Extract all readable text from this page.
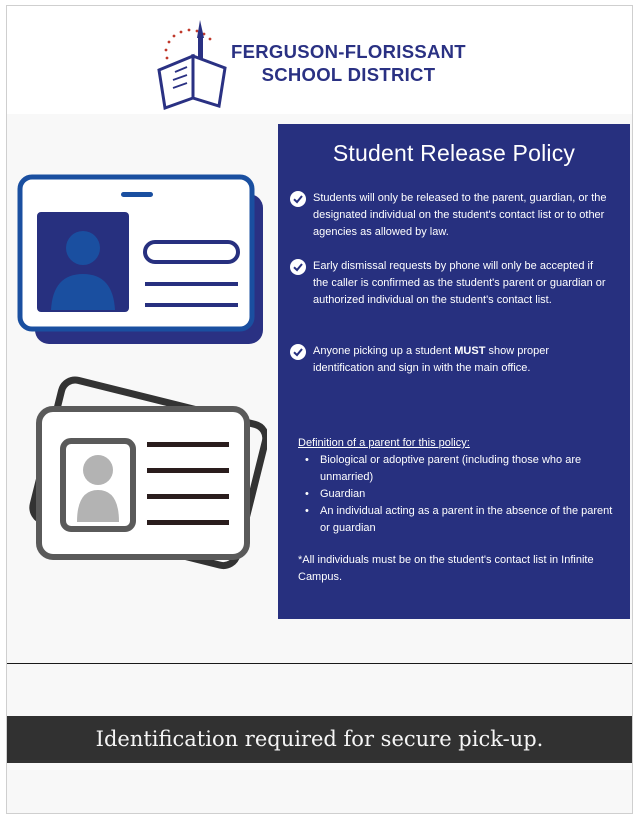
FERGUSON-FLORISSANT
SCHOOL DISTRICT
Student Release Policy
Students will only be released to the parent, guardian, or the designated individual on the student's contact list or to other agencies as allowed by law.
Early dismissal requests by phone will only be accepted if the caller is confirmed as the student's parent or guardian or authorized individual on the student's contact list.
Anyone picking up a student MUST show proper identification and sign in with the main office.
Definition of a parent for this policy:
• Biological or adoptive parent (including those who are unmarried)
• Guardian
• An individual acting as a parent in the absence of the parent or guardian
*All individuals must be on the student's contact list in Infinite Campus.
Identification required for secure pick-up.
